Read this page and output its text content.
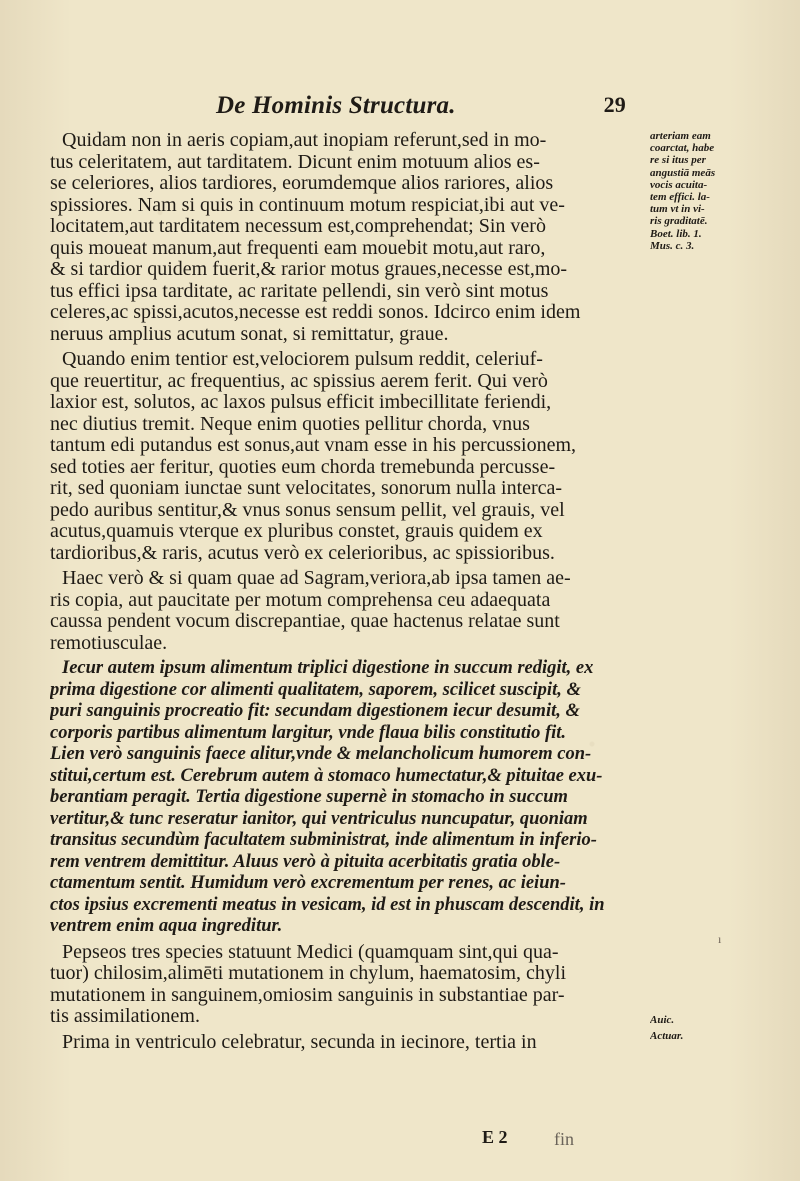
De Hominis Structura.	29
Quidam non in aeris copiam,aut inopiam referunt,sed in mo-
tus celeritatem, aut tarditatem. Dicunt enim motuum alios es-
se celeriores, alios tardiores, eorumdemque alios rariores, alios
spissiores. Nam si quis in continuum motum respiciat,ibi aut ve-
locitatem,aut tarditatem necessum est,comprehendat; Sin verò
quis moueat manum,aut frequenti eam mouebit motu,aut raro,
& si tardior quidem fuerit,& rarior motus graues,necesse est,mo-
tus effici ipsa tarditate, ac raritate pellendi, sin verò sint motus
celeres,ac spissi,acutos,necesse est reddi sonos. Idcirco enim idem
neruus amplius acutum sonat, si remittatur, graue.
Quando enim tentior est,velociorem pulsum reddit, celeriuf-
que reuertitur, ac frequentius, ac spissius aerem ferit. Qui verò
laxior est, solutos, ac laxos pulsus efficit imbecillitate feriendi,
nec diutius tremit. Neque enim quoties pellitur chorda, vnus
tantum edi putandus est sonus,aut vnam esse in his percussionem,
sed toties aer feritur, quoties eum chorda tremebunda percusse-
rit, sed quoniam iunctae sunt velocitates, sonorum nulla interca-
pedo auribus sentitur,& vnus sonus sensum pellit, vel grauis, vel
acutus,quamuis vterque ex pluribus constet, grauis quidem ex
tardioribus,& raris, acutus verò ex celerioribus, ac spissioribus.
Haec verò & si quam quae ad Sagram,veriora,ab ipsa tamen ae-
ris copia, aut paucitate per motum comprehensa ceu adaequata
caussa pendent vocum discrepantiae, quae hactenus relatae sunt
remotiusculae.
Iecur autem ipsum alimentum triplici digestione in succum redigit, ex
prima digestione cor alimenti qualitatem, saporem, scilicet suscipit, &
puri sanguinis procreatio fit: secundam digestionem iecur desumit, &
corporis partibus alimentum largitur, vnde flaua bilis constitutio fit.
Lien verò sanguinis faece alitur,vnde & melancholicum humorem con-
stitui,certum est. Cerebrum autem à stomaco humectatur,& pituitae exu-
berantiam peragit. Tertia digestione supernè in stomacho in succum
vertitur,& tunc reseratur ianitor, qui ventriculus nuncupatur, quoniam
transitus secundùm facultatem subministrat, inde alimentum in inferio-
rem ventrem demittitur. Aluus verò à pituita acerbitatis gratia oble-
ctamentum sentit. Humidum verò excrementum per renes, ac ieiun-
ctos ipsius excrementi meatus in vesicam, id est in phuscam descendit, in
ventrem enim aqua ingreditur.
Pepseos tres species statuunt Medici (quamquam sint,qui qua-
tuor) chilosim,alimēti mutationem in chylum, haematosim, chyli
mutationem in sanguinem,omiosim sanguinis in substantiae par-
tis assimilationem.
Prima in ventriculo celebratur, secunda in iecinore, tertia in
arteriam eam
coarctat, habe
re si itus per
angustiā meās
vocis acuita-
tem effici. la-
tum vt in vi-
ris graditatē.
Boet. lib. 1.
Mus. c. 3.
Auic.
Actuar.
ı
E 2	fin
